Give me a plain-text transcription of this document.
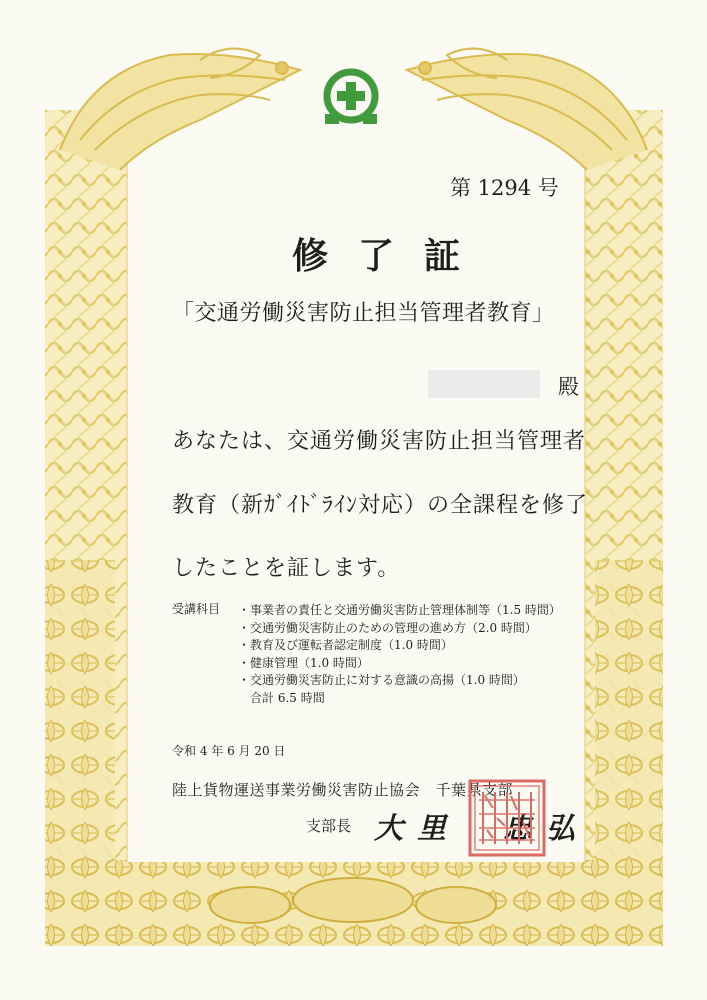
第 1294 号

修了証

「交通労働災害防止担当管理者教育」

殿

あなたは、交通労働災害防止担当管理者

教育（新ｶﾞｲﾄﾞﾗｲﾝ対応）の全課程を修了

したことを証します。

受講科目 ・事業者の責任と交通労働災害防止管理体制等（1.5 時間）
・交通労働災害防止のための管理の進め方（2.0 時間）
・教育及び運転者認定制度（1.0 時間）
・健康管理（1.0 時間）
・交通労働災害防止に対する意識の高揚（1.0 時間）
合計 6.5 時間

令和 4 年 6 月 20 日

陸上貨物運送事業労働災害防止協会　千葉県支部

支部長 大里　忠弘
